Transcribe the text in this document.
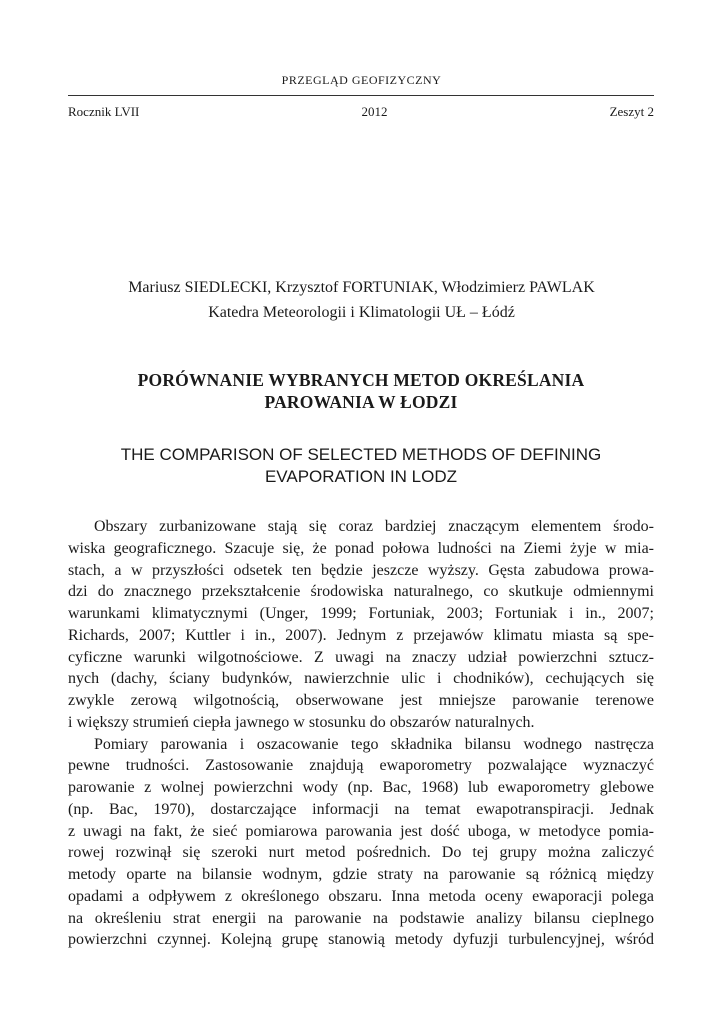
PRZEGLĄD GEOFIZYCZNY
Rocznik LVII	2012	Zeszyt 2
Mariusz SIEDLECKI, Krzysztof FORTUNIAK, Włodzimierz PAWLAK
Katedra Meteorologii i Klimatologii UŁ – Łódź
PORÓWNANIE WYBRANYCH METOD OKREŚLANIA
PAROWANIA W ŁODZI
THE COMPARISON OF SELECTED METHODS OF DEFINING
EVAPORATION IN LODZ
Obszary zurbanizowane stają się coraz bardziej znaczącym elementem środo-
wiska geograficznego. Szacuje się, że ponad połowa ludności na Ziemi żyje w mia-
stach, a w przyszłości odsetek ten będzie jeszcze wyższy. Gęsta zabudowa prowa-
dzi do znacznego przekształcenie środowiska naturalnego, co skutkuje odmiennymi
warunkami klimatycznymi (Unger, 1999; Fortuniak, 2003; Fortuniak i in., 2007;
Richards, 2007; Kuttler i in., 2007). Jednym z przejawów klimatu miasta są spe-
cyficzne warunki wilgotnościowe. Z uwagi na znaczy udział powierzchni sztucz-
nych (dachy, ściany budynków, nawierzchnie ulic i chodników), cechujących się
zwykle zerową wilgotnością, obserwowane jest mniejsze parowanie terenowe
i większy strumień ciepła jawnego w stosunku do obszarów naturalnych.
Pomiary parowania i oszacowanie tego składnika bilansu wodnego nastręcza
pewne trudności. Zastosowanie znajdują ewaporometry pozwalające wyznaczyć
parowanie z wolnej powierzchni wody (np. Bac, 1968) lub ewaporometry glebowe
(np. Bac, 1970), dostarczające informacji na temat ewapotranspiracji. Jednak
z uwagi na fakt, że sieć pomiarowa parowania jest dość uboga, w metodyce pomia-
rowej rozwinął się szeroki nurt metod pośrednich. Do tej grupy można zaliczyć
metody oparte na bilansie wodnym, gdzie straty na parowanie są różnicą między
opadami a odpływem z określonego obszaru. Inna metoda oceny ewaporacji polega
na określeniu strat energii na parowanie na podstawie analizy bilansu cieplnego
powierzchni czynnej. Kolejną grupę stanowią metody dyfuzji turbulencyjnej, wśród
